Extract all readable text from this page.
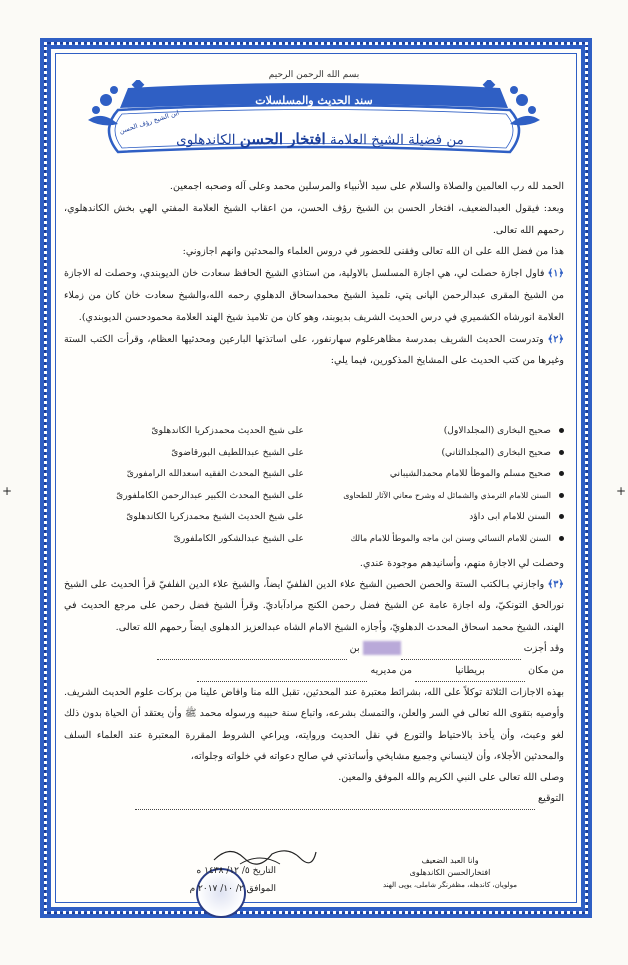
+	+
بسم الله الرحمن الرحيم
سند الحديث والمسلسلات
ابن الشيخ رؤف الحسن
من فضيلة الشيخ العلامة افتخار الحسن الكاندهلوى

الحمد لله رب العالمين والصلاة والسلام على سيد الأنبياء والمرسلين محمد وعلى آله وصحبه اجمعين.

وبعد: فيقول العبدالضعيف، افتخار الحسن بن الشيخ رؤف الحسن، من اعقاب الشيخ العلامة المفتي الهي بخش الكاندهلوي، رحمهم الله تعالى.

هذا من فضل الله على ان الله تعالى وفقنى للحضور في دروس العلماء والمحدثين وانهم اجازوني:

﴿١﴾ فاول اجازة حصلت لي، هي اجازة المسلسل بالاولية، من استاذي الشيخ الحافظ سعادت خان الديوبندي، وحصلت له الاجازة من الشيخ المقرى عبدالرحمن الپانى پتي، تلميذ الشيخ محمداسحاق الدهلوي رحمه الله،والشيخ سعادت خان كان من زملاء العلامة انورشاه الكشميري في درس الحديث الشريف بديوبند، وهو كان من تلاميذ شيخ الهند العلامة محمودحسن الديوبندي).

﴿٢﴾ وتدرست الحديث الشريف بمدرسة مظاهرعلوم سهارنفور، على اساتذتها البارعين ومحدثيها العظام، وقرأت الكتب الستة وغيرها من كتب الحديث على المشايخ المذكورين، فيما يلي:

صحيح البخارى (المجلدالاول)
على شيخ الحديث محمدزكريا الكاندهلوىّ
صحيح البخارى (المجلدالثاني)
على الشيخ عبداللطيف البورقاضوىّ
صحيح مسلم والموطأ للامام محمدالشيباني
على الشيخ المحدث الفقيه اسعدالله الرامفورىّ
السنن للامام الترمذي والشمائل له وشرح معاني الآثار للطحاوى
على الشيخ المحدث الكبير عبدالرحمن الكاملفورىّ
السنن للامام ابى داؤد
على شيخ الحديث الشيخ محمدزكريا الكاندهلوىّ
السنن للامام النسائي وسنن ابن ماجه والموطأ للامام مالك
على الشيخ عبدالشكور الكاملفورىّ

وحصلت لي الاجازة منهم، وأسانيدهم موجودة عندي.

﴿٣﴾ واجازني بـالكتب الستة والحصن الحصين الشيخ علاء الدين الفلفيّ ايضاً، والشيخ علاء الدين الفلفيّ قرأ الحديث على الشيخ نورالحق التونكيّ، وله اجازة عامة عن الشيخ فضل رحمن الكنج مرادآباديّ. وقرأ الشيخ فضل رحمن على مرجع الحديث في الهند، الشيخ محمد اسحاق المحدث الدهلويّ، وأجازه الشيخ الامام الشاه عبدالعزيز الدهلوى ايضاً رحمهم الله تعالى.

وقد أجزت   بن

من مكان بريطانيا من مديريه

بهذه الاجازات الثلاثة توكلاً على الله، بشرائط معتبرة عند المحدثين، تقبل الله منا وافاض علينا من بركات علوم الحديث الشريف. وأوصيه بتقوى الله تعالى في السر والعلن، والتمسك بشرعه، واتباع سنة حبيبه ورسوله محمد ﷺ وأن يعتقد أن الحياة بدون ذلك لغو وعبث، وأن يأخذ بالاحتياط والتورع في نقل الحديث وروايته، ويراعي الشروط المقررة المعتبرة عند العلماء السلف والمحدثين الأجلاء، وأن لاينساني وجميع مشايخي وأساتذتي في صالح دعواته في خلواته وجلواته،

وصلى الله تعالى على النبي الكريم والله الموفق والمعين.

التوقيع

وانا العبد الضعيف
افتخارالحسن الكاندهلوى
مولويان، كاندهله، مظفرنگر شاملى، يوپى الهند
التاريخ ٥/ ١٢/ ١٤٣٨ ه
الموافق ٢/ ١٠/ ٢٠١٧ م
